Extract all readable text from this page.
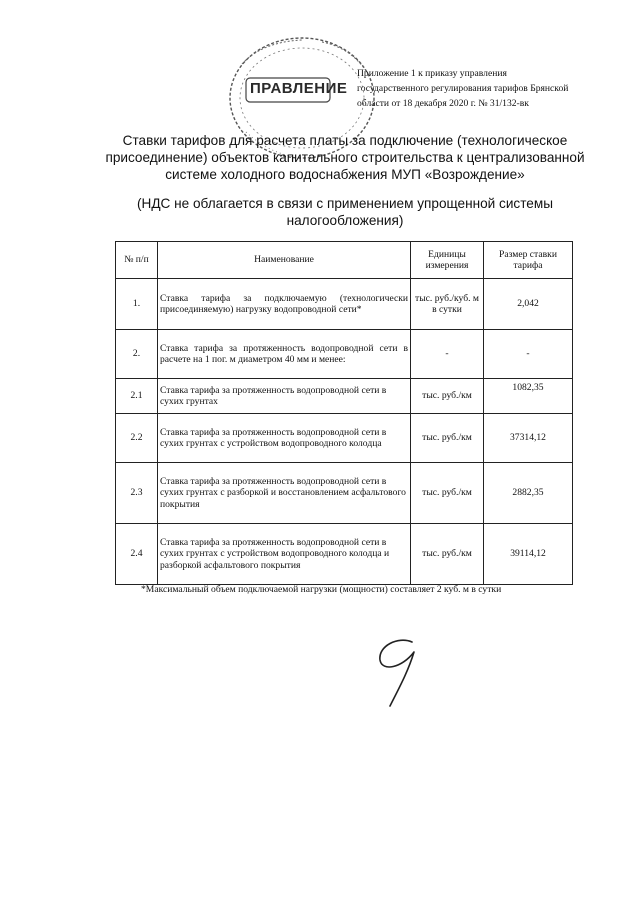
ПРАВЛЕНИЕ
Приложение 1 к приказу управления
государственного регулирования тарифов Брянской
области от 18 декабря 2020 г. № 31/132-вк
Ставки тарифов для расчета платы за подключение (технологическое
присоединение) объектов капитального строительства к централизованной
системе холодного водоснабжения МУП «Возрождение»
(НДС не облагается в связи с применением упрощенной системы
налогообложения)
№ п/п	Наименование	Единицы измерения	Размер ставки тарифа
1.	Ставка тарифа за подключаемую (технологически присоединяемую) нагрузку водопроводной сети*	тыс. руб./куб. м в сутки	2,042
2.	Ставка тарифа за протяженность водопроводной сети в расчете на 1 пог. м диаметром 40 мм и менее:	-	-
2.1	Ставка тарифа за протяженность водопроводной сети в сухих грунтах	тыс. руб./км	1082,35
2.2	Ставка тарифа за протяженность водопроводной сети в сухих грунтах с устройством водопроводного колодца	тыс. руб./км	37314,12
2.3	Ставка тарифа за протяженность водопроводной сети в сухих грунтах с разборкой и восстановлением асфальтового покрытия	тыс. руб./км	2882,35
2.4	Ставка тарифа за протяженность водопроводной сети в сухих грунтах с устройством водопроводного колодца и разборкой асфальтового покрытия	тыс. руб./км	39114,12
*Максимальный объем подключаемой нагрузки (мощности) составляет 2 куб. м в сутки
